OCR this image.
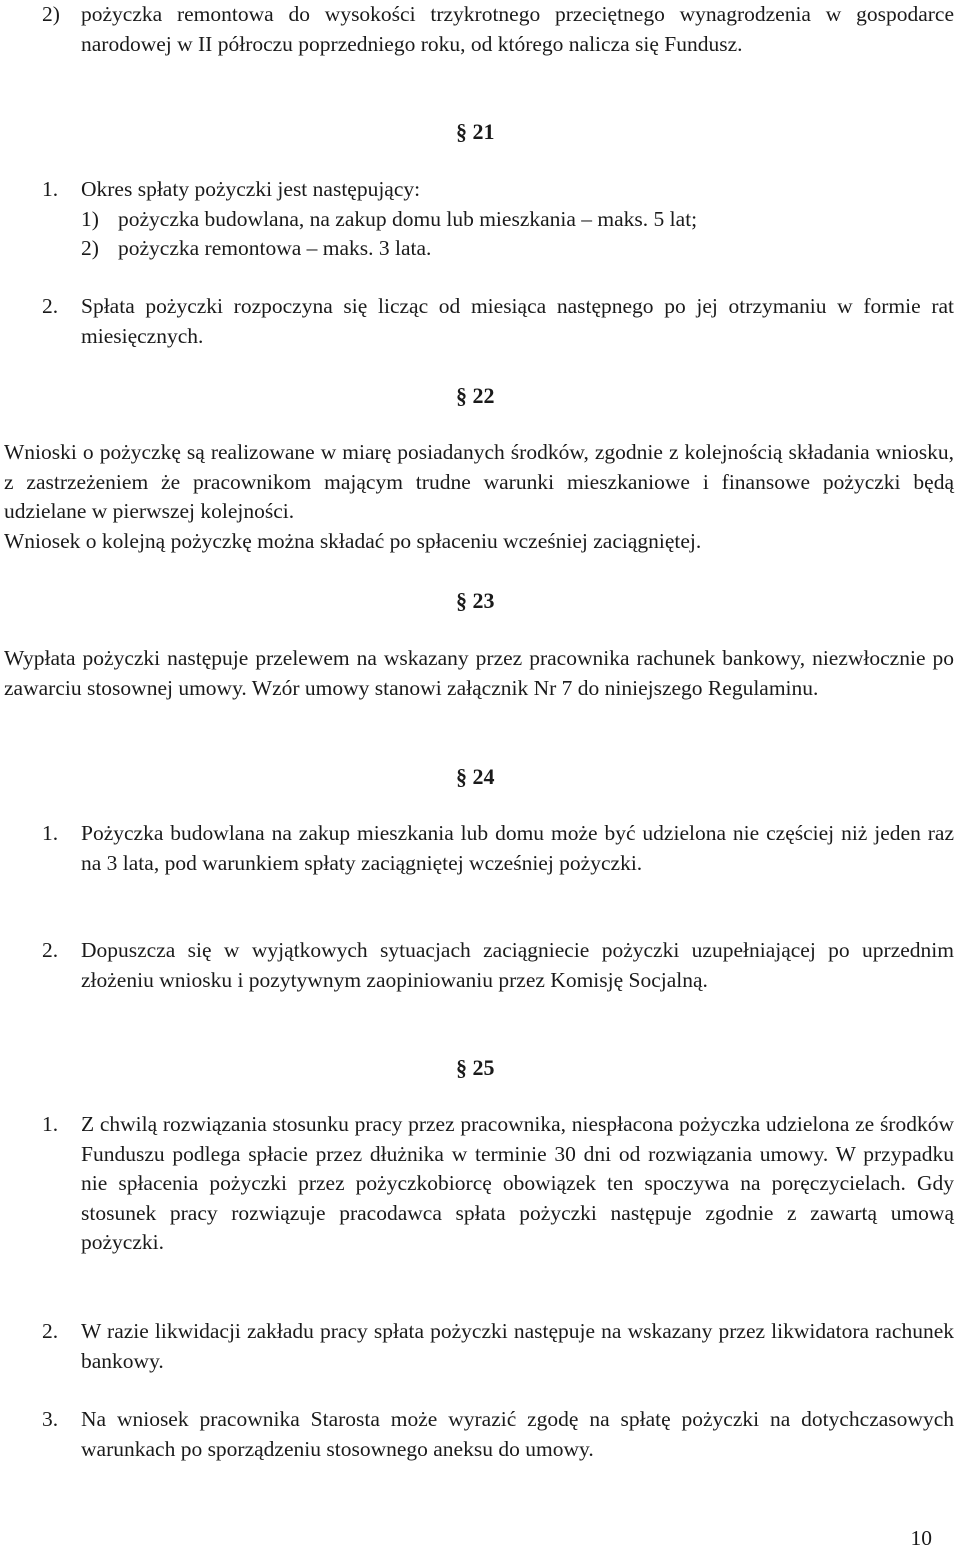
2) pożyczka remontowa do wysokości trzykrotnego przeciętnego wynagrodzenia w gospodarce narodowej w II półroczu poprzedniego roku, od którego nalicza się Fundusz.
§ 21
1. Okres spłaty pożyczki jest następujący:
1) pożyczka budowlana, na zakup domu lub mieszkania – maks. 5 lat;
2) pożyczka remontowa – maks. 3 lata.
2. Spłata pożyczki rozpoczyna się licząc od miesiąca następnego po jej otrzymaniu w formie rat miesięcznych.
§ 22
Wnioski o pożyczkę są realizowane w miarę posiadanych środków, zgodnie z kolejnością składania wniosku, z zastrzeżeniem że pracownikom mającym trudne warunki mieszkaniowe i finansowe pożyczki będą udzielane w pierwszej kolejności.
Wniosek o kolejną pożyczkę można składać po spłaceniu wcześniej zaciągniętej.
§ 23
Wypłata pożyczki następuje przelewem na wskazany przez pracownika rachunek bankowy, niezwłocznie po zawarciu stosownej umowy. Wzór umowy stanowi załącznik Nr 7 do niniejszego Regulaminu.
§ 24
1. Pożyczka budowlana na zakup mieszkania lub domu może być udzielona nie częściej niż jeden raz na 3 lata, pod warunkiem spłaty zaciągniętej wcześniej pożyczki.
2. Dopuszcza się w wyjątkowych sytuacjach zaciągniecie pożyczki uzupełniającej po uprzednim złożeniu wniosku i pozytywnym zaopiniowaniu przez Komisję Socjalną.
§ 25
1. Z chwilą rozwiązania stosunku pracy przez pracownika, niespłacona pożyczka udzielona ze środków Funduszu podlega spłacie przez dłużnika w terminie 30 dni od rozwiązania umowy. W przypadku nie spłacenia pożyczki przez pożyczkobiorcę obowiązek ten spoczywa na poręczycielach. Gdy stosunek pracy rozwiązuje pracodawca spłata pożyczki następuje zgodnie z zawartą umową pożyczki.
2. W razie likwidacji zakładu pracy spłata pożyczki następuje na wskazany przez likwidatora rachunek bankowy.
3. Na wniosek pracownika Starosta może wyrazić zgodę na spłatę pożyczki na dotychczasowych warunkach po sporządzeniu stosownego aneksu do umowy.
10
